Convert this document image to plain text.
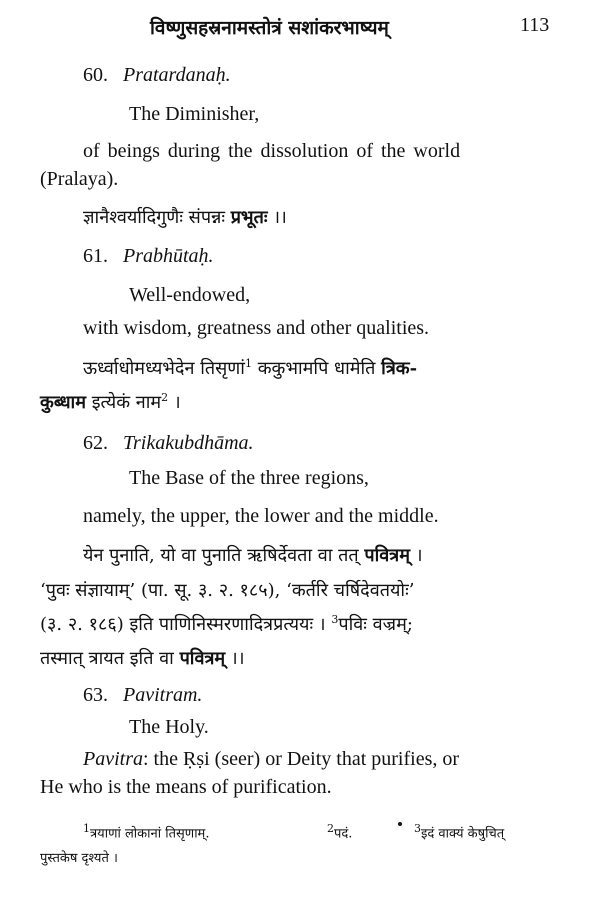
विष्णुसहस्रनामस्तोत्रं सशांकरभाष्यम्	113
60. Pratardanaḥ.
The Diminisher,
of beings during the dissolution of the world
(Pralaya).
ज्ञानैश्वर्यादिगुणैः संपन्नः प्रभूतः ।।
61. Prabhūtaḥ.
Well-endowed,
with wisdom, greatness and other qualities.
ऊर्ध्वाधोमध्यभेदेन तिसृणां$^1$ ककुभामपि धामेति त्रिक-
कुब्धाम इत्येकं नाम$^2$ ।
62. Trikakubdhāma.
The Base of the three regions,
namely, the upper, the lower and the middle.
येन पुनाति, यो वा पुनाति ऋषिर्देवता वा तत् पवित्रम् ।
‘पुवः संज्ञायाम्’ (पा. सू. ३. २. १८५), ‘कर्तरि चर्षिदेवतयोः’
(३. २. १८६) इति पाणिनिस्मरणादित्रप्रत्ययः । $^3$पविः वज्रम्;
तस्मात् त्रायत इति वा पवित्रम् ।।
63. Pavitram.
The Holy.
Pavitra: the Ṛṣi (seer) or Deity that purifies, or
He who is the means of purification.
$^1$त्रयाणां लोकानां तिसृणाम्.	$^2$पदं.	$^3$इदं वाक्यं केषुचित्
पुस्तकेष दृश्यते ।
